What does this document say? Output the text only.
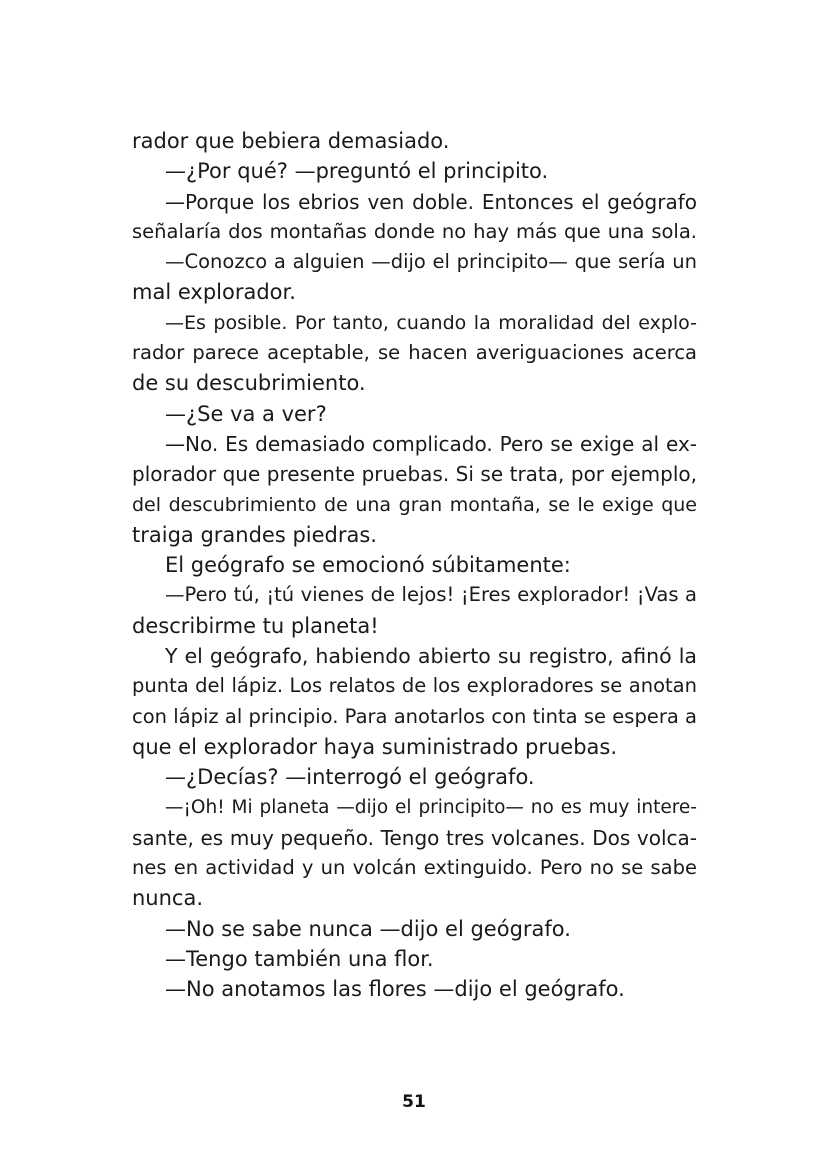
rador que bebiera demasiado.
—¿Por qué? —preguntó el principito.
—Porque los ebrios ven doble. Entonces el geógrafo
señalaría dos montañas donde no hay más que una sola.
—Conozco a alguien —dijo el principito— que sería un
mal explorador.
—Es posible. Por tanto, cuando la moralidad del explo-
rador parece aceptable, se hacen averiguaciones acerca
de su descubrimiento.
—¿Se va a ver?
—No. Es demasiado complicado. Pero se exige al ex-
plorador que presente pruebas. Si se trata, por ejemplo,
del descubrimiento de una gran montaña, se le exige que
traiga grandes piedras.
El geógrafo se emocionó súbitamente:
—Pero tú, ¡tú vienes de lejos! ¡Eres explorador! ¡Vas a
describirme tu planeta!
Y el geógrafo, habiendo abierto su registro, afinó la
punta del lápiz. Los relatos de los exploradores se anotan
con lápiz al principio. Para anotarlos con tinta se espera a
que el explorador haya suministrado pruebas.
—¿Decías? —interrogó el geógrafo.
—¡Oh! Mi planeta —dijo el principito— no es muy intere-
sante, es muy pequeño. Tengo tres volcanes. Dos volca-
nes en actividad y un volcán extinguido. Pero no se sabe
nunca.
—No se sabe nunca —dijo el geógrafo.
—Tengo también una flor.
—No anotamos las flores —dijo el geógrafo.
51
